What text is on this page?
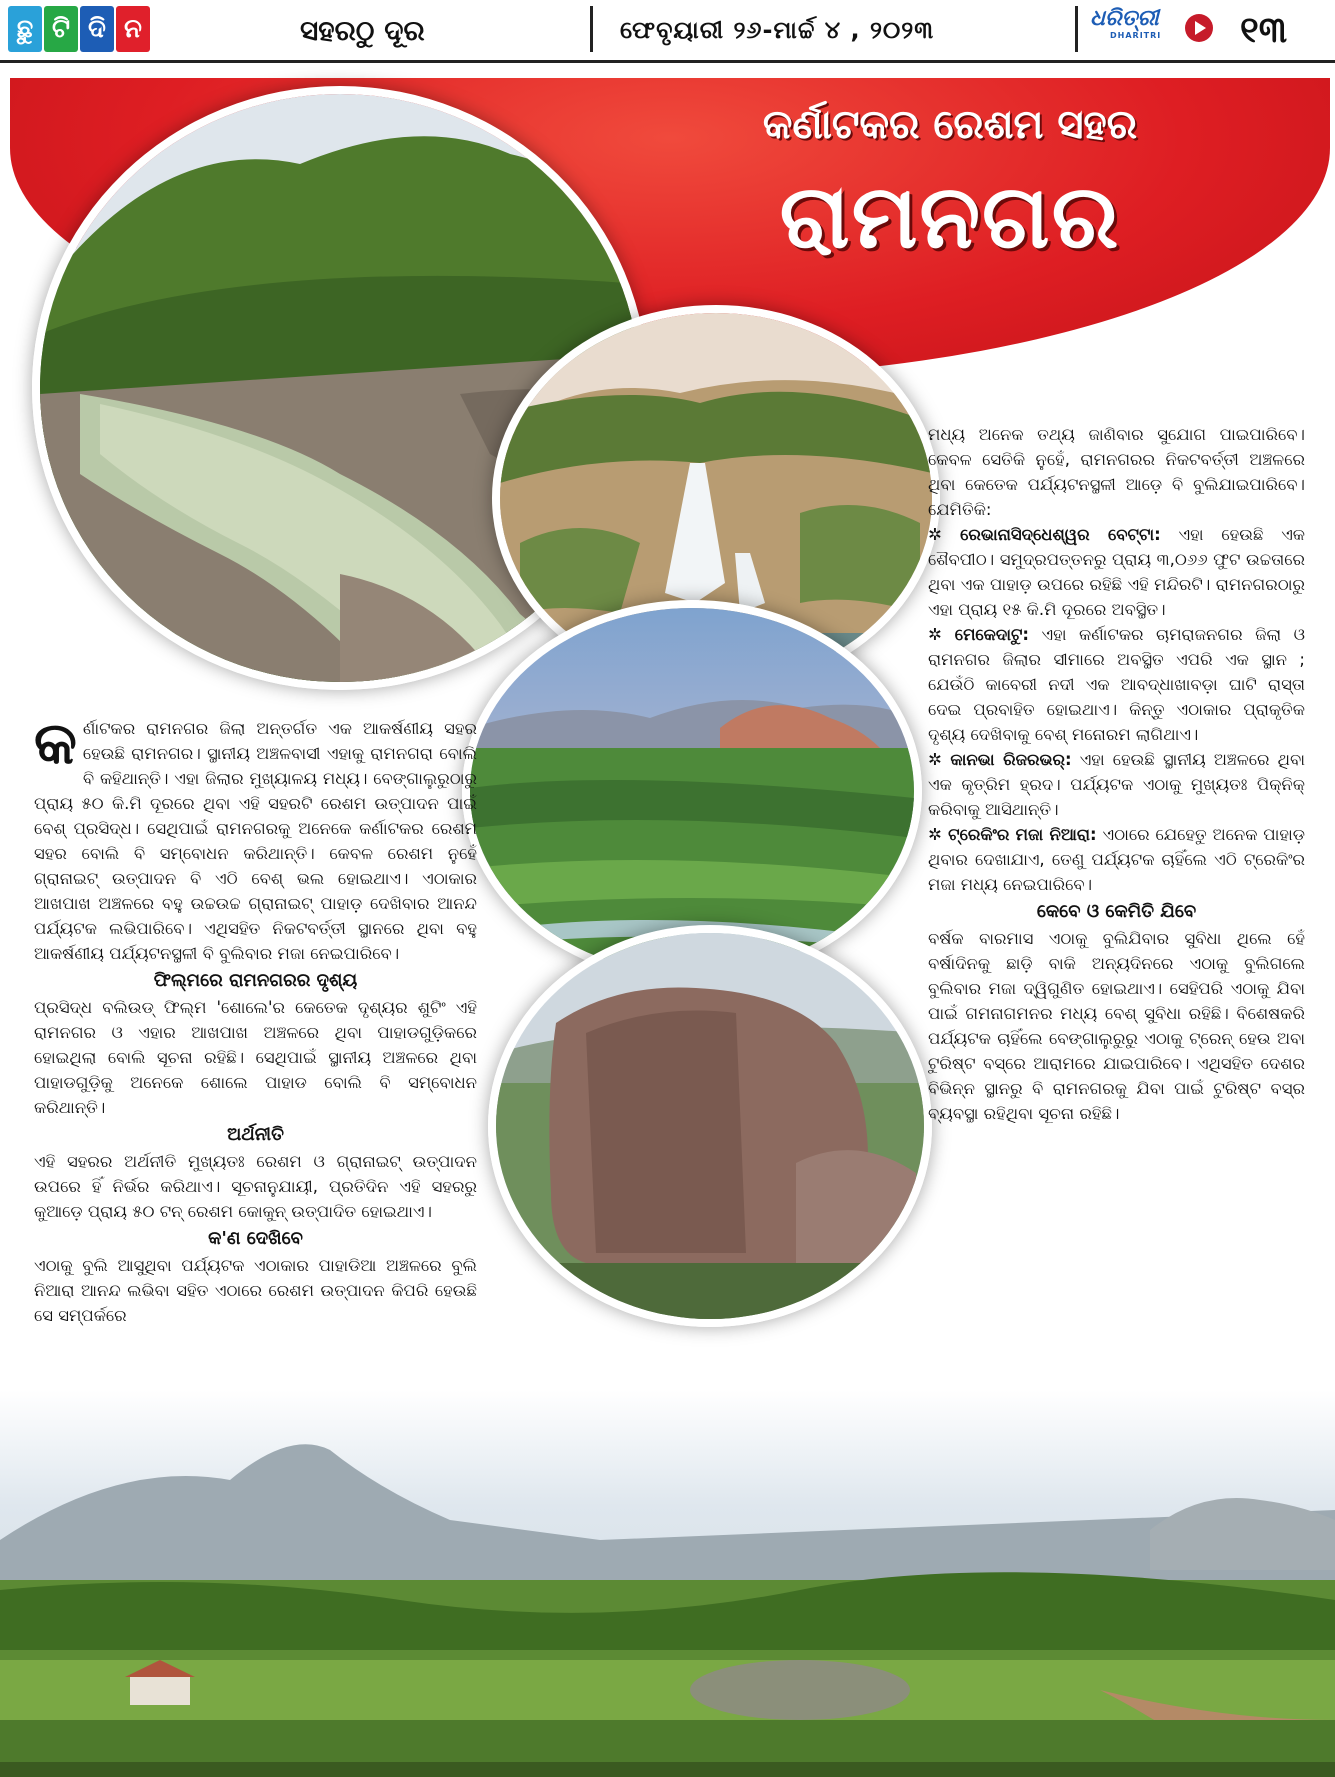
ଛୁ ଟି ଦି ନ	ସହରଠୁ ଦୂର	ଫେବୃୟାରୀ ୨୬-ମାର୍ଚ୍ଚ ୪ , ୨୦୨୩	ଧରିତ୍ରୀ
DHARITRI ୧୩
କର୍ଣାଟକର ରେଶମ ସହର
ରାମନଗର

କର୍ଣାଟକର ରାମନଗର ଜିଲା ଅନ୍ତର୍ଗତ ଏକ ଆକର୍ଷଣୀୟ ସହର ହେଉଛି ରାମନଗର। ସ୍ଥାନୀୟ ଅଞ୍ଚଳବାସୀ ଏହାକୁ ରାମନଗରା ବୋଲି ବି କହିଥାନ୍ତି। ଏହା ଜିଲାର ମୁଖ୍ୟାଳୟ ମଧ୍ୟ। ବେଙ୍ଗାଲୁରୁଠାରୁ ପ୍ରାୟ ୫୦ କି.ମି ଦୂରରେ ଥିବା ଏହି ସହରଟି ରେଶମ ଉତ୍ପାଦନ ପାଇଁ ବେଶ୍ ପ୍ରସିଦ୍ଧ। ସେଥିପାଇଁ ରାମନଗରକୁ ଅନେକେ କର୍ଣାଟକର ରେଶମ ସହର ବୋଲି ବି ସମ୍ବୋଧନ କରିଥାନ୍ତି। କେବଳ ରେଶମ ନୁହେଁ ଗ୍ରାନାଇଟ୍ ଉତ୍ପାଦନ ବି ଏଠି ବେଶ୍ ଭଲ ହୋଇଥାଏ। ଏଠାକାର ଆଖପାଖ ଅଞ୍ଚଳରେ ବହୁ ଉଚ୍ଚଉଚ୍ଚ ଗ୍ରାନାଇଟ୍ ପାହାଡ଼ ଦେଖିବାର ଆନନ୍ଦ ପର୍ଯ୍ୟଟକ ଲଭିପାରିବେ। ଏଥିସହିତ ନିକଟବର୍ତ୍ତୀ ସ୍ଥାନରେ ଥିବା ବହୁ ଆକର୍ଷଣୀୟ ପର୍ଯ୍ୟଟନସ୍ଥଳୀ ବି ବୁଲିବାର ମଜା ନେଇପାରିବେ।

ଫିଲ୍ମରେ ରାମନଗରର ଦୃଶ୍ୟ

ପ୍ରସିଦ୍ଧ ବଲିଉଡ୍ ଫିଲ୍ମ 'ଶୋଲେ'ର କେତେକ ଦୃଶ୍ୟର ଶୁଟିଂ ଏହି ରାମନଗର ଓ ଏହାର ଆଖପାଖ ଅଞ୍ଚଳରେ ଥିବା ପାହାଡଗୁଡ଼ିକରେ ହୋଇଥିଲା ବୋଲି ସୂଚନା ରହିଛି। ସେଥିପାଇଁ ସ୍ଥାନୀୟ ଅଞ୍ଚଳରେ ଥିବା ପାହାଡଗୁଡ଼ିକୁ ଅନେକେ ଶୋଲେ ପାହାଡ ବୋଲି ବି ସମ୍ବୋଧନ କରିଥାନ୍ତି।

ଅର୍ଥନୀତି

ଏହି ସହରର ଅର୍ଥନୀତି ମୁଖ୍ୟତଃ ରେଶମ ଓ ଗ୍ରାନାଇଟ୍ ଉତ୍ପାଦନ ଉପରେ ହିଁ ନିର୍ଭର କରିଥାଏ। ସୂଚନାନୁଯାୟୀ, ପ୍ରତିଦିନ ଏହି ସହରରୁ କୁଆଡ଼େ ପ୍ରାୟ ୫୦ ଟନ୍ ରେଶମ କୋକୁନ୍ ଉତ୍ପାଦିତ ହୋଇଥାଏ।

କ'ଣ ଦେଖିବେ

ଏଠାକୁ ବୁଲି ଆସୁଥିବା ପର୍ଯ୍ୟଟକ ଏଠାକାର ପାହାଡିଆ ଅଞ୍ଚଳରେ ବୁଲି ନିଆରା ଆନନ୍ଦ ଲଭିବା ସହିତ ଏଠାରେ ରେଶମ ଉତ୍ପାଦନ କିପରି ହେଉଛି ସେ ସମ୍ପର୍କରେ

ମଧ୍ୟ ଅନେକ ତଥ୍ୟ ଜାଣିବାର ସୁଯୋଗ ପାଇପାରିବେ। କେବଳ ସେତିକି ନୁହେଁ, ରାମନଗରର ନିକଟବର୍ତ୍ତୀ ଅଞ୍ଚଳରେ ଥିବା କେତେକ ପର୍ଯ୍ୟଟନସ୍ଥଳୀ ଆଡ଼େ ବି ବୁଲିଯାଇପାରିବେ। ଯେମିତିକି:

✲ ରେଭାନାସିଦ୍ଧେଶ୍ୱର ବେଟ୍ଟା: ଏହା ହେଉଛି ଏକ ଶୈବପୀଠ। ସମୁଦ୍ରପତ୍ତନରୁ ପ୍ରାୟ ୩,୦୬୬ ଫୁଟ ଉଚ୍ଚତାରେ ଥିବା ଏକ ପାହାଡ଼ ଉପରେ ରହିଛି ଏହି ମନ୍ଦିରଟି। ରାମନଗରଠାରୁ ଏହା ପ୍ରାୟ ୧୫ କି.ମି ଦୂରରେ ଅବସ୍ଥିତ।

✲ ମେକେଦାଟୁ: ଏହା କର୍ଣାଟକର ଚାମରାଜନଗର ଜିଲା ଓ ରାମନଗର ଜିଲାର ସୀମାରେ ଅବସ୍ଥିତ ଏପରି ଏକ ସ୍ଥାନ ; ଯେଉଁଠି କାବେରୀ ନଦୀ ଏକ ଆବଦ୍ଧାଖାବଡ଼ା ଘାଟି ରାସ୍ତା ଦେଇ ପ୍ରବାହିତ ହୋଇଥାଏ। କିନ୍ତୁ ଏଠାକାର ପ୍ରାକୃତିକ ଦୃଶ୍ୟ ଦେଖିବାକୁ ବେଶ୍ ମନୋରମ ଲାଗିଥାଏ।

✲ କାନଭା ରିଜରଭର୍: ଏହା ହେଉଛି ସ୍ଥାନୀୟ ଅଞ୍ଚଳରେ ଥିବା ଏକ କୃତ୍ରିମ ହ୍ରଦ। ପର୍ଯ୍ୟଟକ ଏଠାକୁ ମୁଖ୍ୟତଃ ପିକ୍‌ନିକ୍ କରିବାକୁ ଆସିଥାନ୍ତି।

✲ ଟ୍ରେକିଂର ମଜା ନିଆରା: ଏଠାରେ ଯେହେତୁ ଅନେକ ପାହାଡ଼ ଥିବାର ଦେଖାଯାଏ, ତେଣୁ ପର୍ଯ୍ୟଟକ ଚାହିଁଲେ ଏଠି ଟ୍ରେକିଂର ମଜା ମଧ୍ୟ ନେଇପାରିବେ।

କେବେ ଓ କେମିତି ଯିବେ

ବର୍ଷକ ବାରମାସ ଏଠାକୁ ବୁଲିଯିବାର ସୁବିଧା ଥିଲେ ହେଁ ବର୍ଷାଦିନକୁ ଛାଡ଼ି ବାକି ଅନ୍ୟଦିନରେ ଏଠାକୁ ବୁଲିଗଲେ ବୁଲିବାର ମଜା ଦ୍ୱିଗୁଣିତ ହୋଇଥାଏ। ସେହିପରି ଏଠାକୁ ଯିବା ପାଇଁ ଗମନାଗମନର ମଧ୍ୟ ବେଶ୍ ସୁବିଧା ରହିଛି। ବିଶେଷକରି ପର୍ଯ୍ୟଟକ ଚାହିଁଲେ ବେଙ୍ଗାଲୁରୁରୁ ଏଠାକୁ ଟ୍ରେନ୍ ହେଉ ଅବା ଟୁରିଷ୍ଟ ବସ୍‌ରେ ଆରାମରେ ଯାଇପାରିବେ। ଏଥିସହିତ ଦେଶର ବିଭିନ୍ନ ସ୍ଥାନରୁ ବି ରାମନଗରକୁ ଯିବା ପାଇଁ ଟୁରିଷ୍ଟ ବସ୍‌ର ବ୍ୟବସ୍ଥା ରହିଥିବା ସୂଚନା ରହିଛି।
